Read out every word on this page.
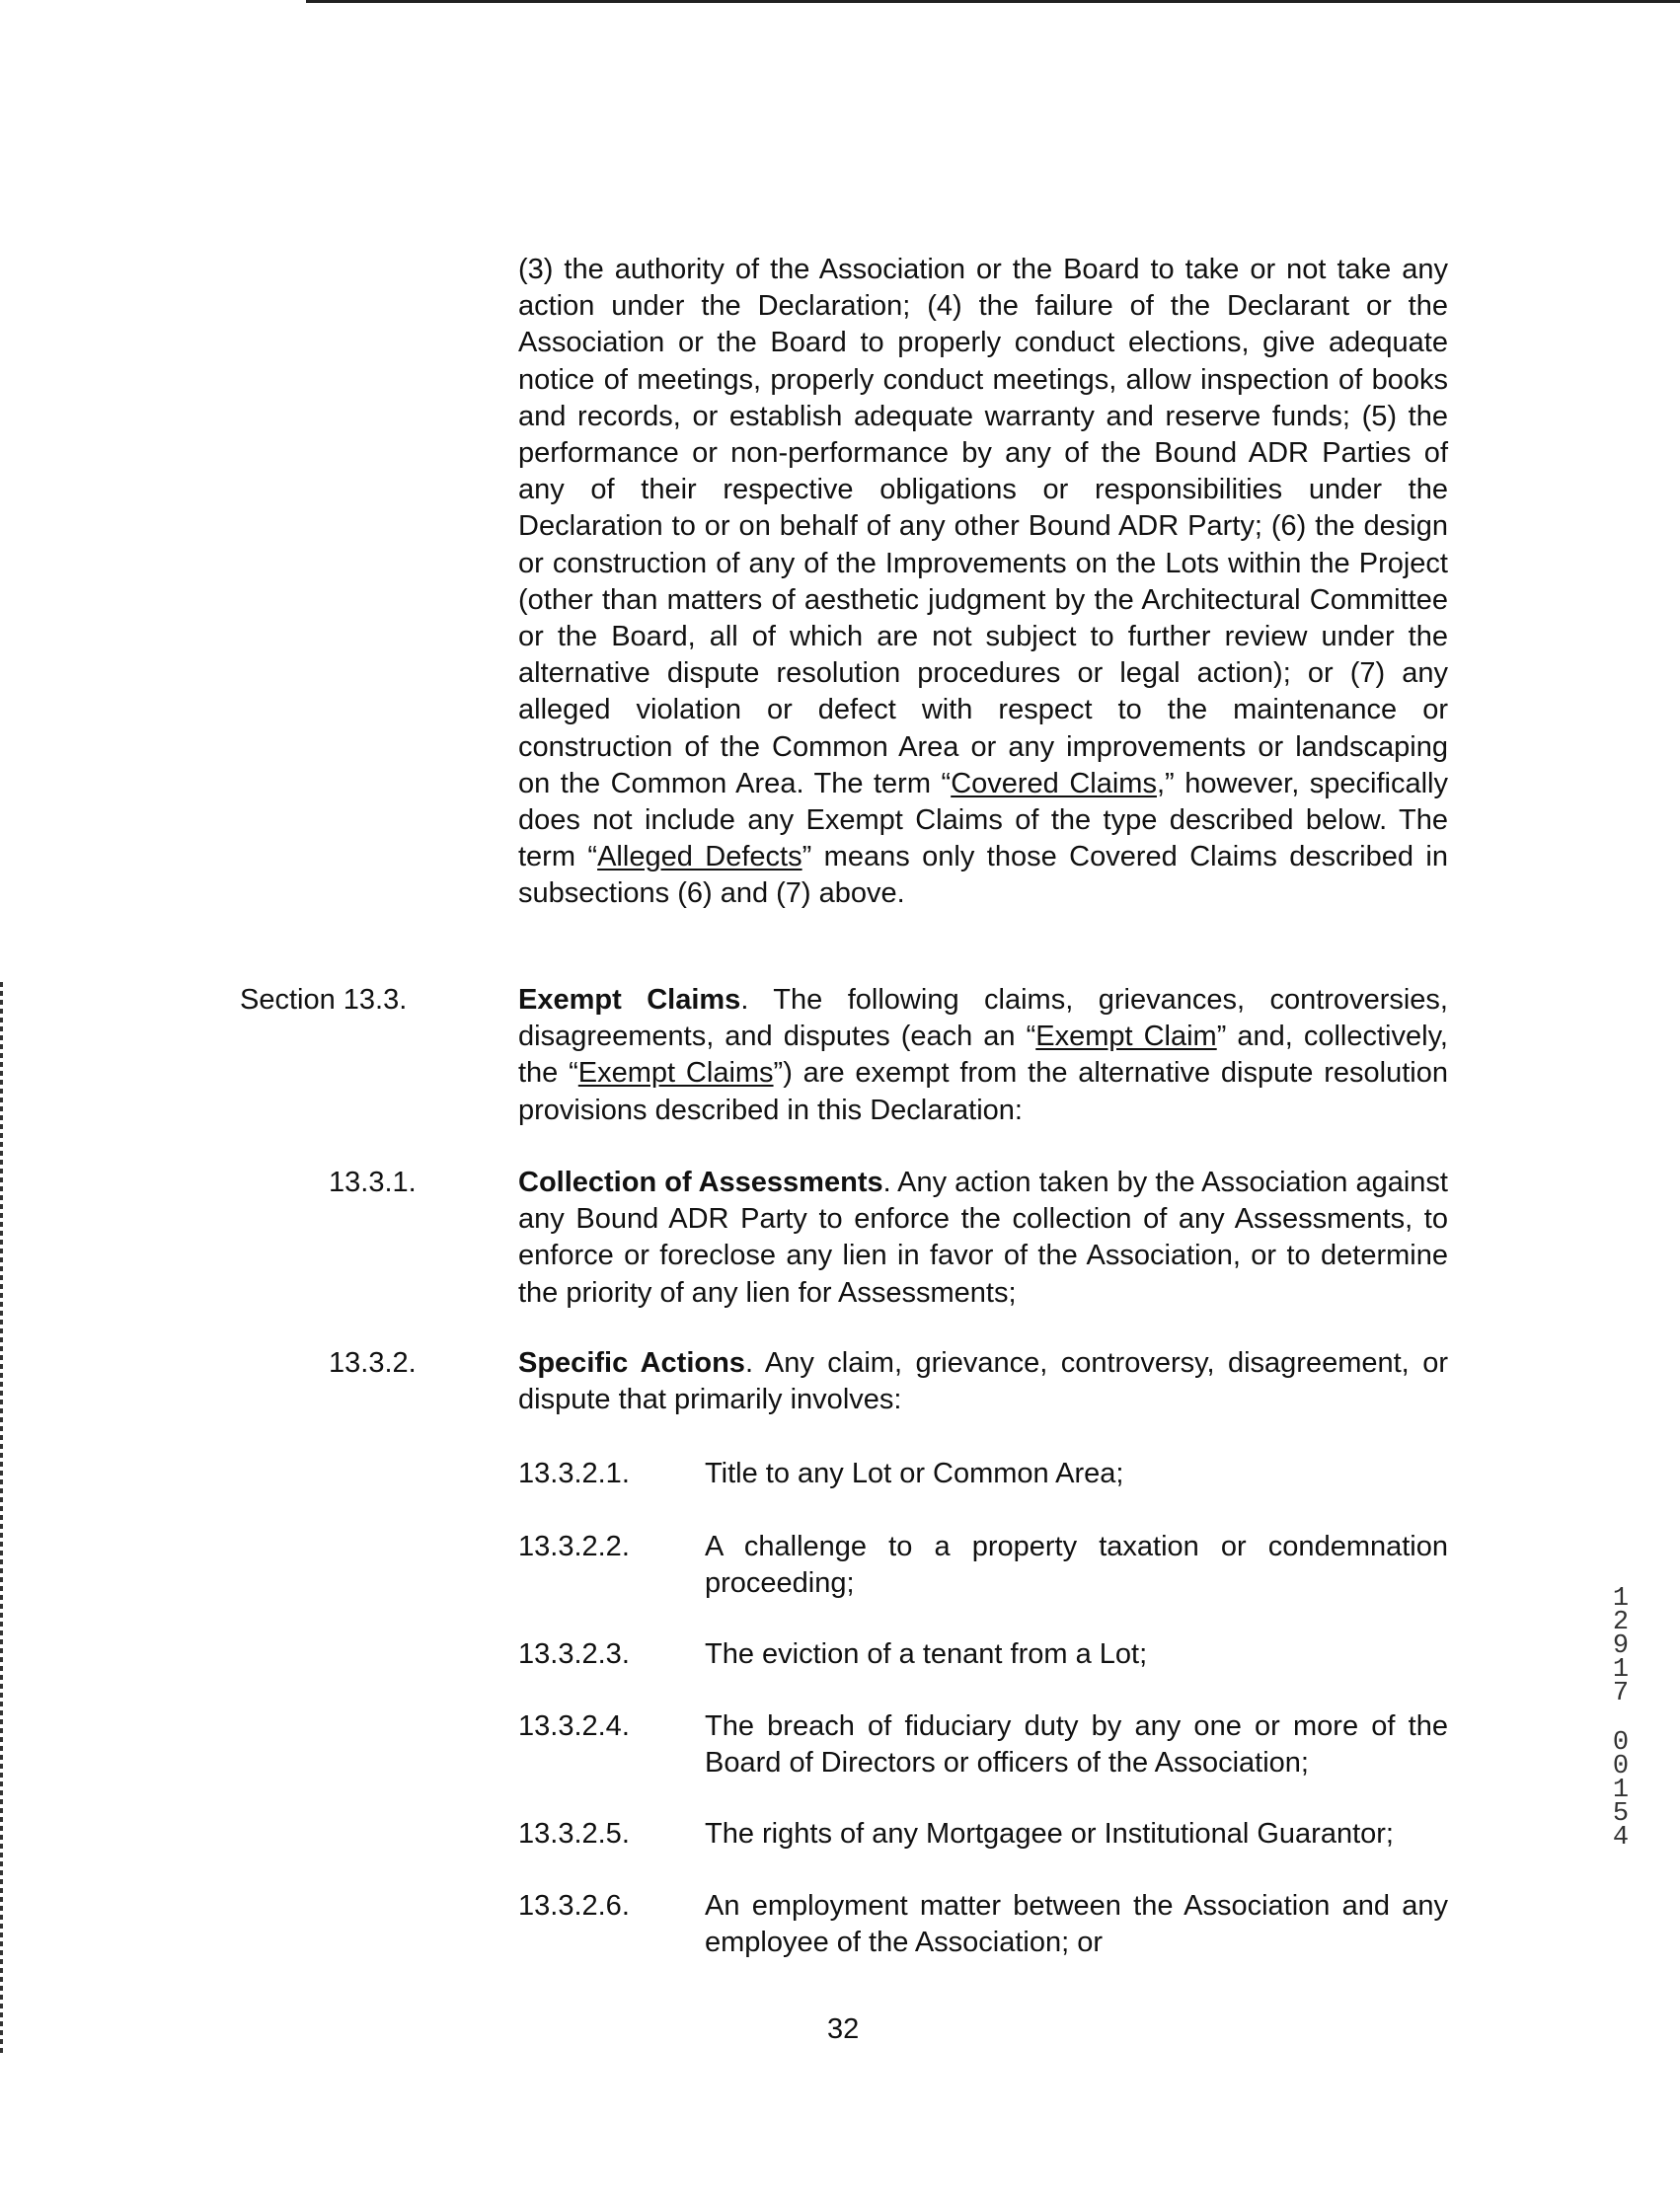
(3) the authority of the Association or the Board to take or not take any action under the Declaration; (4) the failure of the Declarant or the Association or the Board to properly conduct elections, give adequate notice of meetings, properly conduct meetings, allow inspection of books and records, or establish adequate warranty and reserve funds; (5) the performance or non-performance by any of the Bound ADR Parties of any of their respective obligations or responsibilities under the Declaration to or on behalf of any other Bound ADR Party; (6) the design or construction of any of the Improvements on the Lots within the Project (other than matters of aesthetic judgment by the Architectural Committee or the Board, all of which are not subject to further review under the alternative dispute resolution procedures or legal action); or (7) any alleged violation or defect with respect to the maintenance or construction of the Common Area or any improvements or landscaping on the Common Area. The term “Covered Claims,” however, specifically does not include any Exempt Claims of the type described below. The term “Alleged Defects” means only those Covered Claims described in subsections (6) and (7) above.

Section 13.3.	Exempt Claims. The following claims, grievances, controversies, disagreements, and disputes (each an “Exempt Claim” and, collectively, the “Exempt Claims”) are exempt from the alternative dispute resolution provisions described in this Declaration:

13.3.1.	Collection of Assessments. Any action taken by the Association against any Bound ADR Party to enforce the collection of any Assessments, to enforce or foreclose any lien in favor of the Association, or to determine the priority of any lien for Assessments;

13.3.2.	Specific Actions. Any claim, grievance, controversy, disagreement, or dispute that primarily involves:

13.3.2.1.	Title to any Lot or Common Area;

13.3.2.2.	A challenge to a property taxation or condemnation proceeding;

13.3.2.3.	The eviction of a tenant from a Lot;

13.3.2.4.	The breach of fiduciary duty by any one or more of the Board of Directors or officers of the Association;

13.3.2.5.	The rights of any Mortgagee or Institutional Guarantor;

13.3.2.6.	An employment matter between the Association and any employee of the Association; or

32
1
2
9
1
7
0
0
1
5
4
